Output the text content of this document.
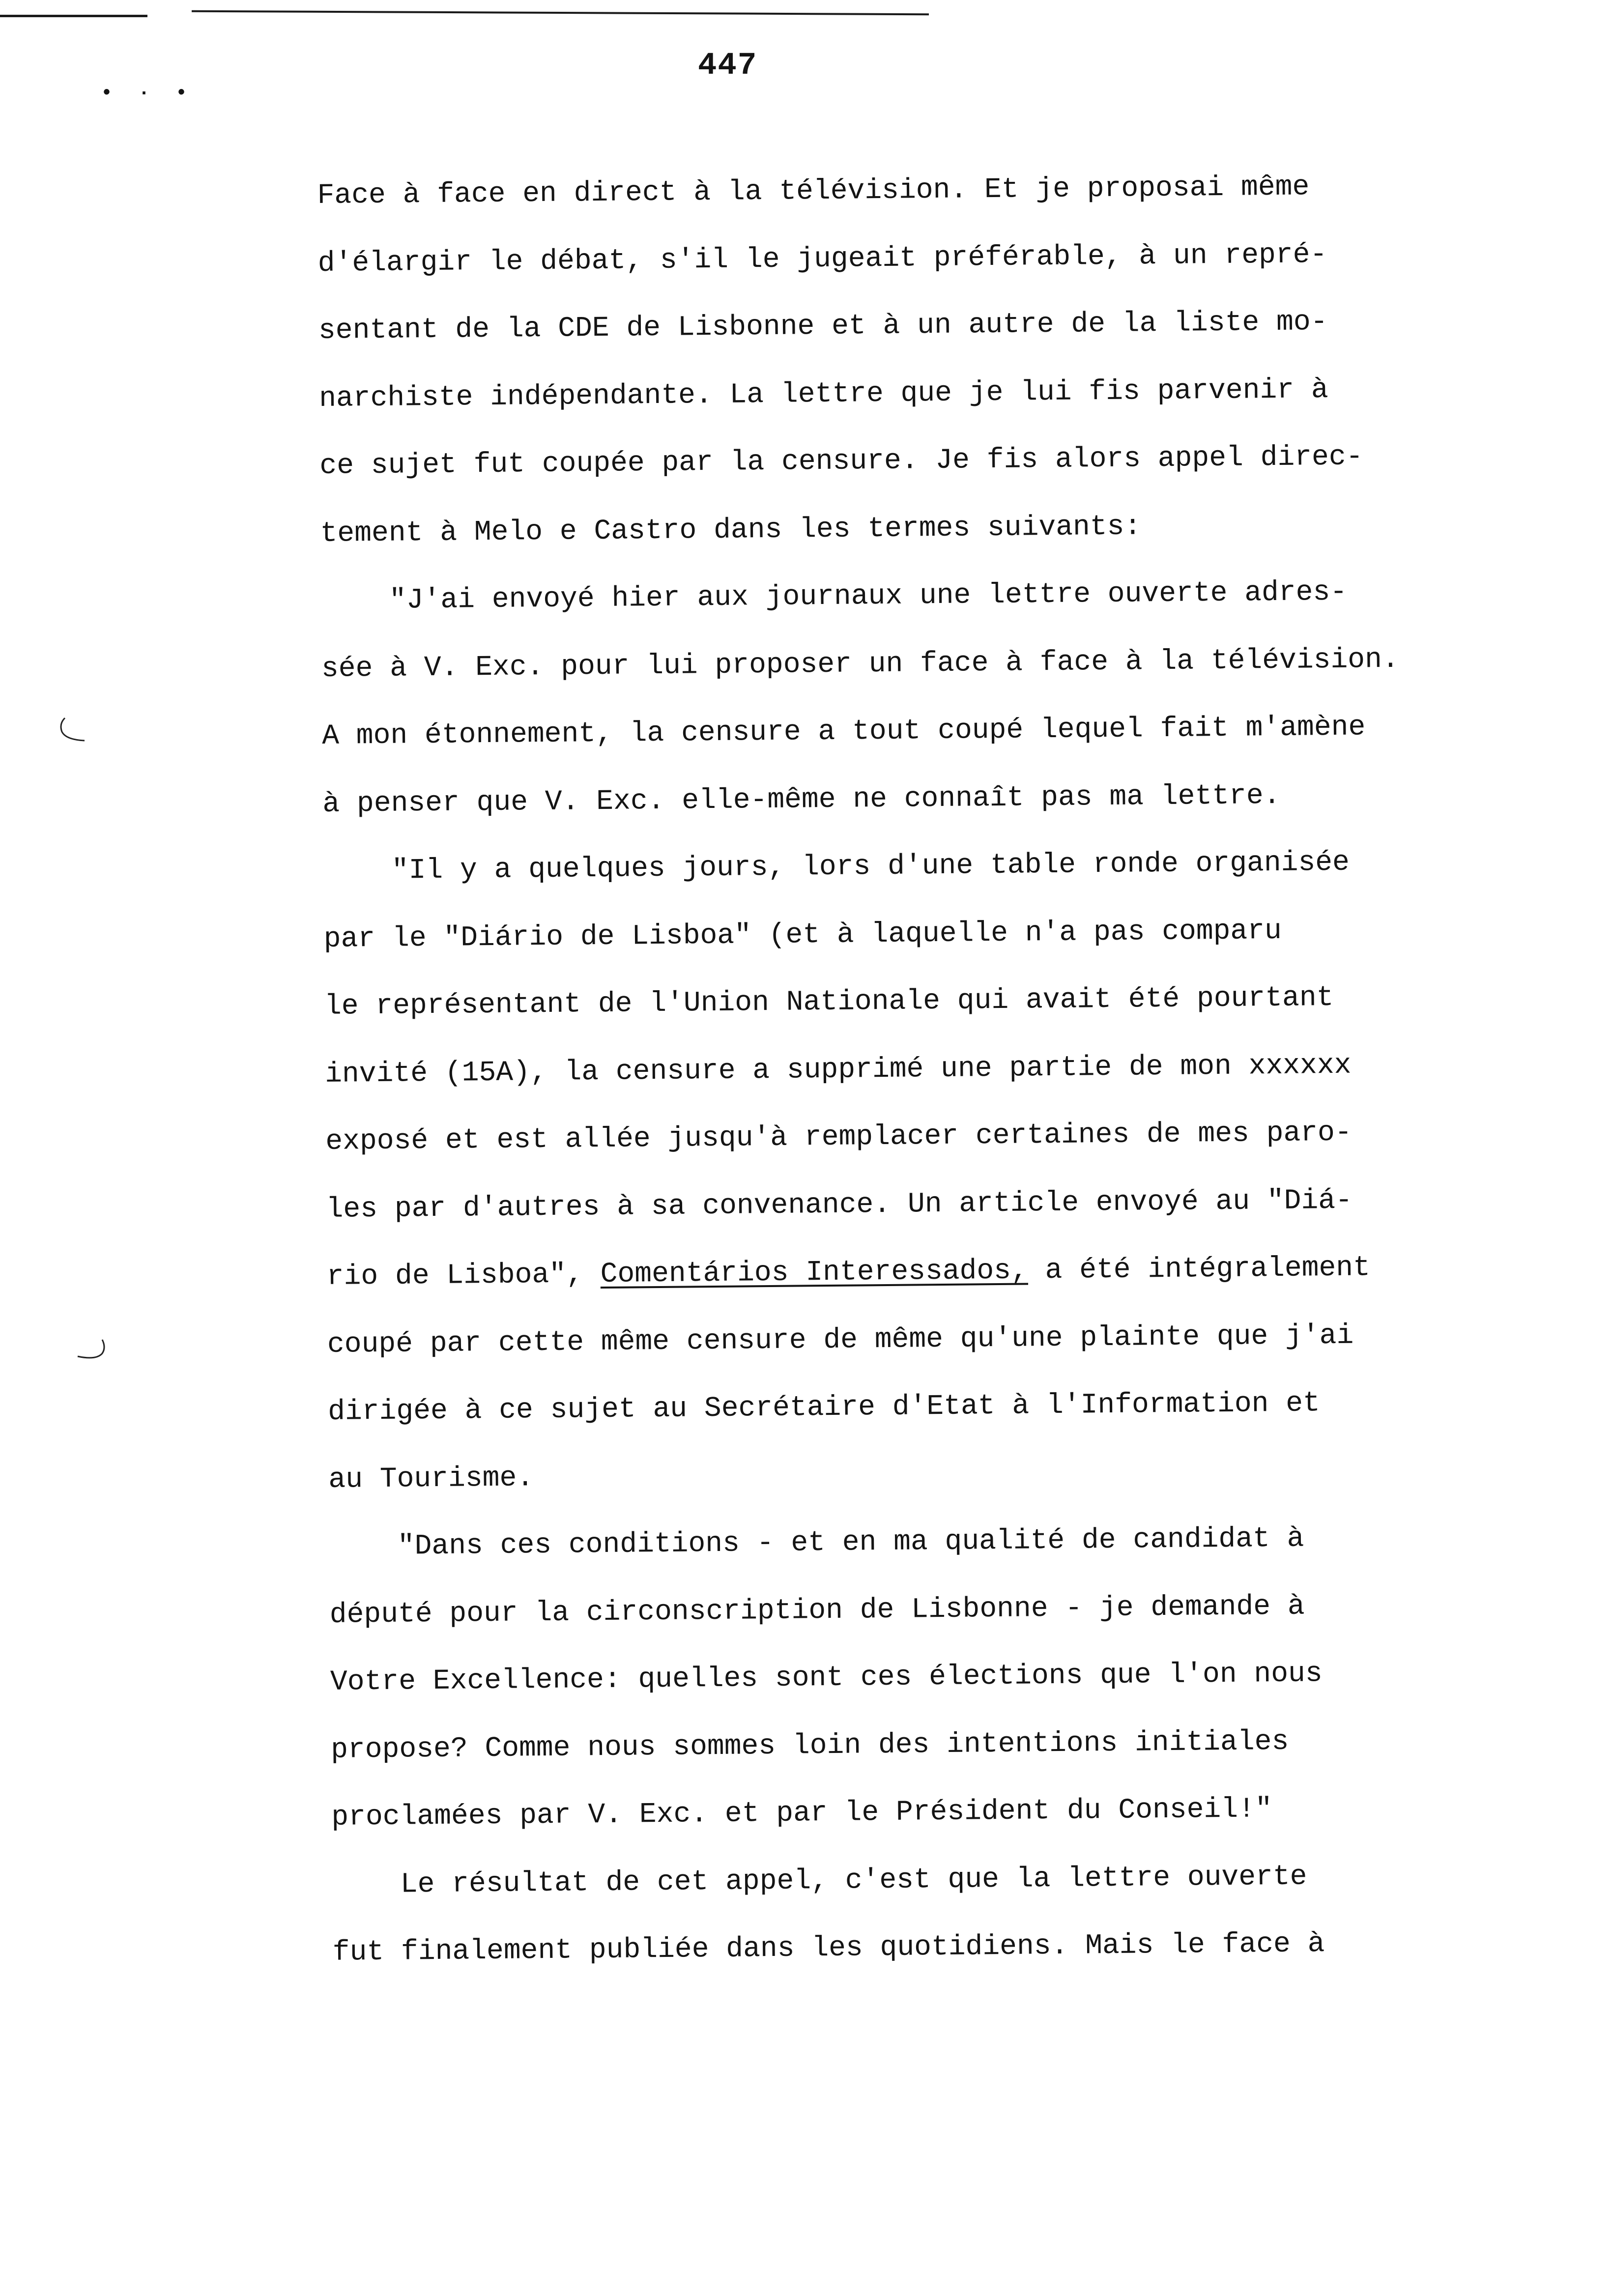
• · •
447
Face à face en direct à la télévision. Et je proposai même
d'élargir le débat, s'il le jugeait préférable, à un repré-
sentant de la CDE de Lisbonne et à un autre de la liste mo-
narchiste indépendante. La lettre que je lui fis parvenir à
ce sujet fut coupée par la censure. Je fis alors appel direc-
tement à Melo e Castro dans les termes suivants:
"J'ai envoyé hier aux journaux une lettre ouverte adres-
sée à V. Exc. pour lui proposer un face à face à la télévision.
A mon étonnement, la censure a tout coupé lequel fait m'amène
à penser que V. Exc. elle-même ne connaît pas ma lettre.
"Il y a quelques jours, lors d'une table ronde organisée
par le "Diário de Lisboa" (et à laquelle n'a pas comparu
le représentant de l'Union Nationale qui avait été pourtant
invité (15A), la censure a supprimé une partie de mon xxxxxx
exposé et est allée jusqu'à remplacer certaines de mes paro-
les par d'autres à sa convenance. Un article envoyé au "Diá-
rio de Lisboa", Comentários Interessados, a été intégralement
coupé par cette même censure de même qu'une plainte que j'ai
dirigée à ce sujet au Secrétaire d'Etat à l'Information et
au Tourisme.
"Dans ces conditions - et en ma qualité de candidat à
député pour la circonscription de Lisbonne - je demande à
Votre Excellence: quelles sont ces élections que l'on nous
propose? Comme nous sommes loin des intentions initiales
proclamées par V. Exc. et par le Président du Conseil!"
Le résultat de cet appel, c'est que la lettre ouverte
fut finalement publiée dans les quotidiens. Mais le face à
